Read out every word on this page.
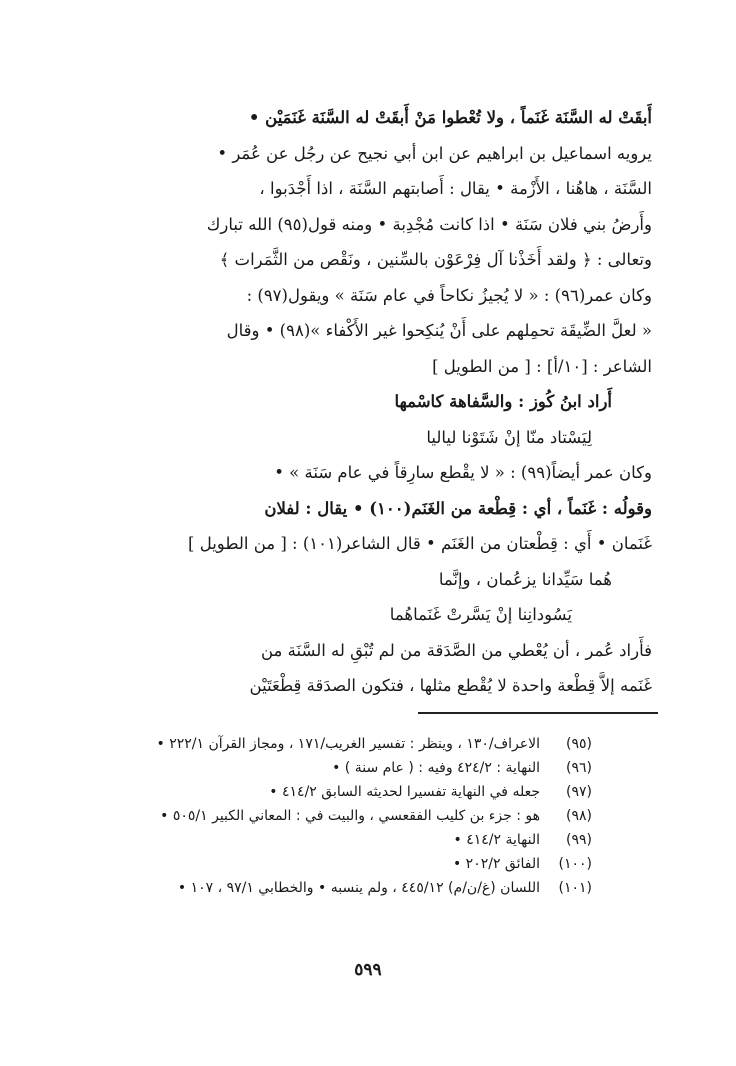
أَبقَتْ له السَّنَة غَنَماً ، ولا تُعْطوا مَنْ أَبقَتْ له السَّنَة غَنَمَيْن •
يرويه اسماعيل بن ابراهيم عن ابن أبي نجيح عن رجُل عن عُمَر •
السَّنَة ، هاهُنا ، الأَزْمة • يقال : أَصابتهم السَّنَة ، اذا أَجْدَبوا ،
وأَرضُ بني فلان سَنَة • اذا كانت مُجْدِبة • ومنه قول(٩٥) الله تبارك
وتعالى : ﴿ ولقد أَخَذْنا آل فِرْعَوْن بالسِّنين ، ونَقْص من الثَّمَرات ﴾
وكان عمر(٩٦) : « لا يُجيزُ نكاحاً في عام سَنَة » ويقول(٩٧) :
« لعلَّ الضِّيقَة تحمِلهم على أَنْ يُنكِحوا غير الأَكْفاء »(٩٨) • وقال
الشاعر : [١٠/أ] : [ من الطويل ]
أَراد ابنُ كُوز : والسَّفاهة كاسْمها
لِيَسْتاد منّا إنْ شَتَوْنا لياليا
وكان عمر أيضاً(٩٩) : « لا يقْطع سارِقاً في عام سَنَة » •
وقولُه : غَنَماً ، أي : قِطْعة من الغَنَم(١٠٠) • يقال : لفلان
غَنَمان • أَي : قِطْعتان من الغَنَم • قال الشاعر(١٠١) : [ من الطويل ]
هُما سَيِّدانا يزعُمان ، وإنَّما
يَسُودانِنا إنْ يَسَّرتْ غَنَماهُما
فأَراد عُمر ، أن يُعْطي من الصَّدَقة من لم تُبْقِ له السَّنَة من
غَنَمه إلاَّ قِطْعة واحدة لا يُقْطع مثلها ، فتكون الصدَقة قِطْعَتَيْن
(٩٥)
الاعراف/١٣٠ ، وينظر : تفسير الغريب/١٧١ ، ومجاز القرآن ٢٢٢/١ •
(٩٦)
النهاية : ٤٢٤/٢ وفيه : ( عام سنة ) •
(٩٧)
جعله في النهاية تفسيرا لحديثه السابق ٤١٤/٢ •
(٩٨)
هو : جزء بن كليب الفقعسي ، والبيت في : المعاني الكبير ٥٠٥/١ •
(٩٩)
النهاية ٤١٤/٢ •
(١٠٠)
الفائق ٢٠٢/٢ •
(١٠١)
اللسان (غ/ن/م) ٤٤٥/١٢ ، ولم ينسبه • والخطابي ٩٧/١ ، ١٠٧ •
٥٩٩
